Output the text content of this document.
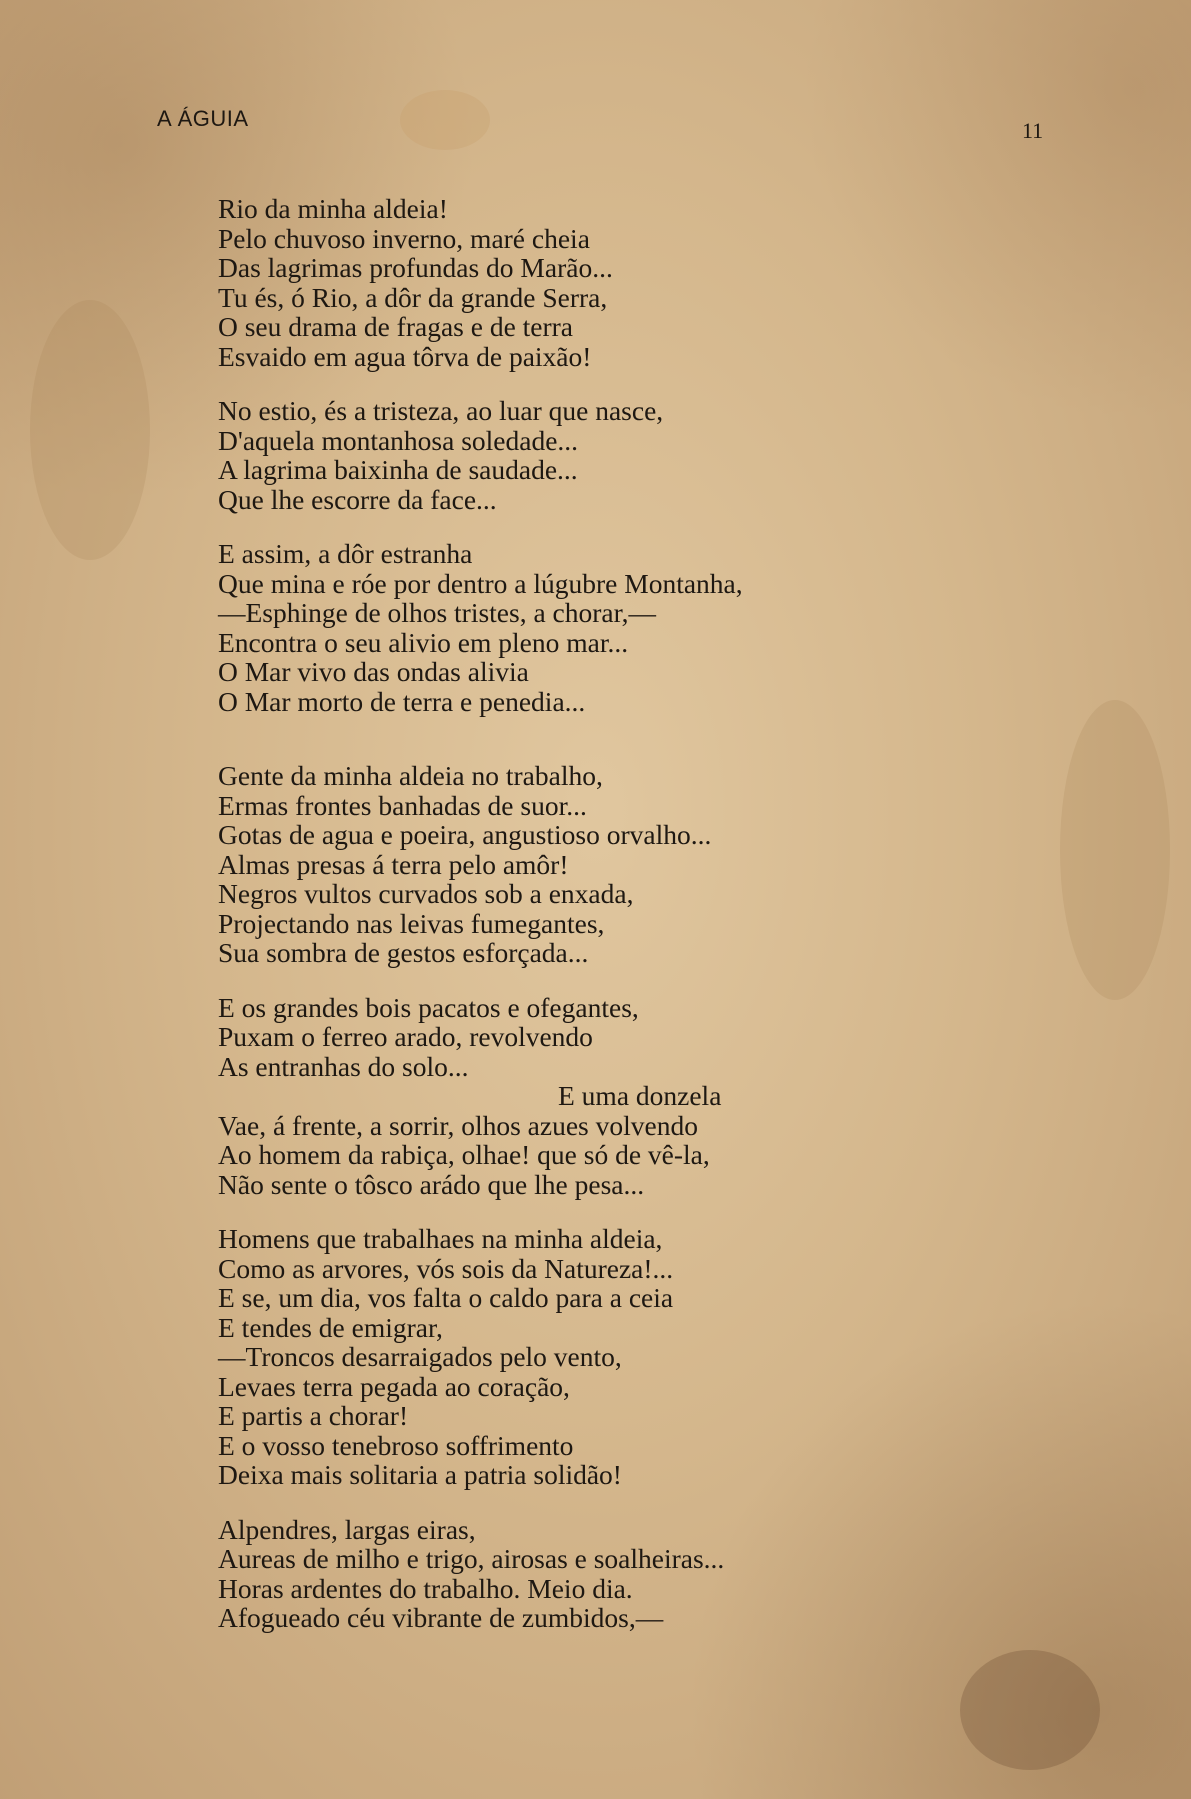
A ÁGUIA	11
Rio da minha aldeia!
Pelo chuvoso inverno, maré cheia
Das lagrimas profundas do Marão...
Tu és, ó Rio, a dôr da grande Serra,
O seu drama de fragas e de terra
Esvaido em agua tôrva de paixão!
No estio, és a tristeza, ao luar que nasce,
D'aquela montanhosa soledade...
A lagrima baixinha de saudade...
Que lhe escorre da face...
E assim, a dôr estranha
Que mina e róe por dentro a lúgubre Montanha,
—Esphinge de olhos tristes, a chorar,—
Encontra o seu alivio em pleno mar...
O Mar vivo das ondas alivia
O Mar morto de terra e penedia...
Gente da minha aldeia no trabalho,
Ermas frontes banhadas de suor...
Gotas de agua e poeira, angustioso orvalho...
Almas presas á terra pelo amôr!
Negros vultos curvados sob a enxada,
Projectando nas leivas fumegantes,
Sua sombra de gestos esforçada...
E os grandes bois pacatos e ofegantes,
Puxam o ferreo arado, revolvendo
As entranhas do solo...
E uma donzela
Vae, á frente, a sorrir, olhos azues volvendo
Ao homem da rabiça, olhae! que só de vê-la,
Não sente o tôsco arádo que lhe pesa...
Homens que trabalhaes na minha aldeia,
Como as arvores, vós sois da Natureza!...
E se, um dia, vos falta o caldo para a ceia
E tendes de emigrar,
—Troncos desarraigados pelo vento,
Levaes terra pegada ao coração,
E partis a chorar!
E o vosso tenebroso soffrimento
Deixa mais solitaria a patria solidão!
Alpendres, largas eiras,
Aureas de milho e trigo, airosas e soalheiras...
Horas ardentes do trabalho. Meio dia.
Afogueado céu vibrante de zumbidos,—
